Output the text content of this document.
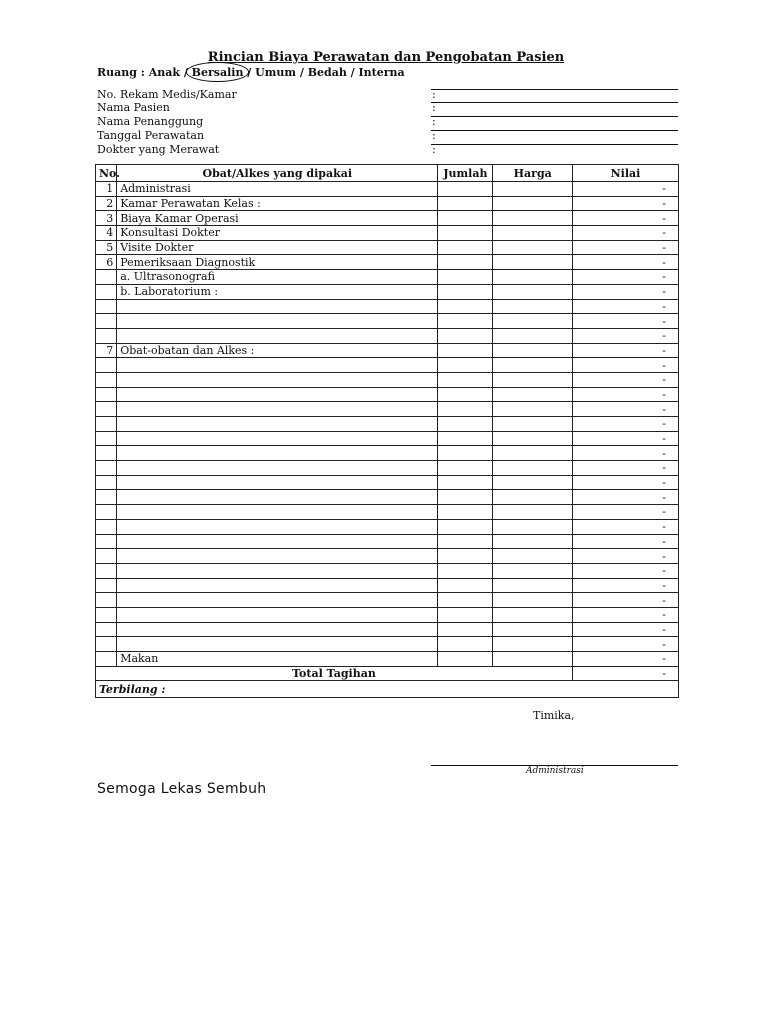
Rincian Biaya Perawatan dan Pengobatan Pasien
Ruang : Anak / Bersalin / Umum / Bedah / Interna
No. Rekam Medis/Kamar	:
Nama Pasien	:
Nama Penanggung	:
Tanggal Perawatan	:
Dokter yang Merawat	:
No.	Obat/Alkes yang dipakai	Jumlah	Harga	Nilai
1	Administrasi			-
2	Kamar Perawatan Kelas :			-
3	Biaya Kamar Operasi			-
4	Konsultasi Dokter			-
5	Visite Dokter			-
6	Pemeriksaan Diagnostik			-
	a. Ultrasonografi			-
	b. Laboratorium :			-
				-
				-
				-
7	Obat-obatan dan Alkes :			-
				-
				-
				-
				-
				-
				-
				-
				-
				-
				-
				-
				-
				-
				-
				-
				-
				-
				-
				-
				-
	Makan			-
Total Tagihan				-
Terbilang :				
Timika,
Administrasi
Semoga Lekas Sembuh
